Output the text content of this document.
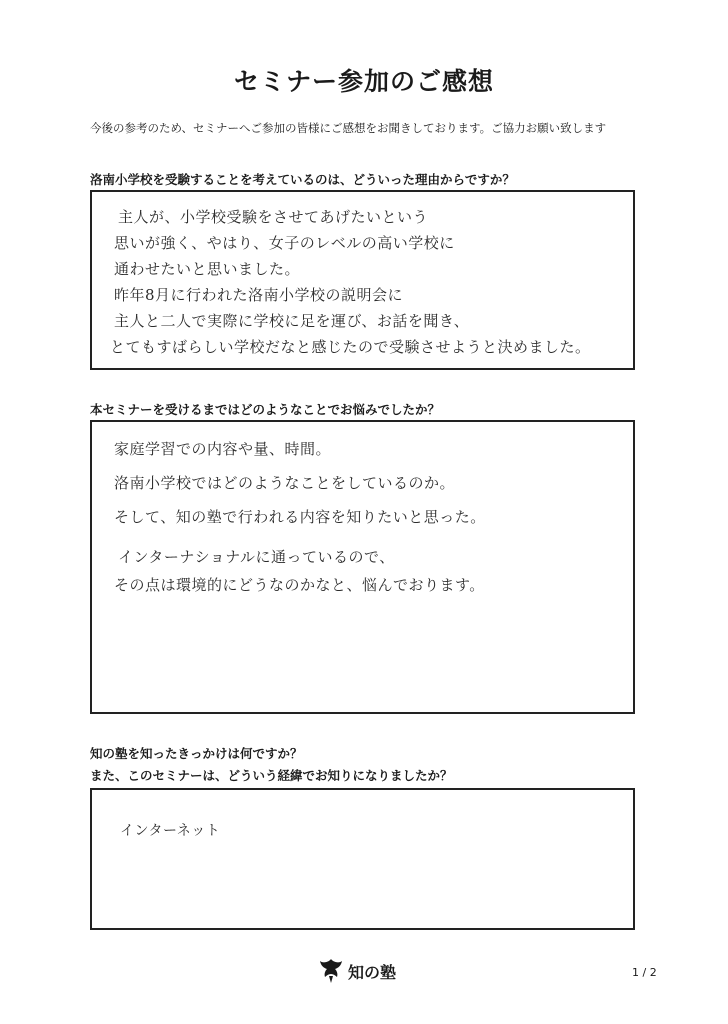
セミナー参加のご感想
今後の参考のため、セミナーへご参加の皆様にご感想をお聞きしております。ご協力お願い致します
洛南小学校を受験することを考えているのは、どういった理由からですか？
主人が、小学校受験をさせてあげたいという
思いが強く、やはり、女子のレベルの高い学校に
通わせたいと思いました。
昨年8月に行われた洛南小学校の説明会に
主人と二人で実際に学校に足を運び、お話を聞き、
とてもすばらしい学校だなと感じたので受験させようと決めました。
本セミナーを受けるまではどのようなことでお悩みでしたか？
家庭学習での内容や量、時間。
洛南小学校ではどのようなことをしているのか。
そして、知の塾で行われる内容を知りたいと思った。
インターナショナルに通っているので、
その点は環境的にどうなのかなと、悩んでおります。
知の塾を知ったきっかけは何ですか？
また、このセミナーは、どういう経緯でお知りになりましたか？
インターネット
知の塾	1 / 2
